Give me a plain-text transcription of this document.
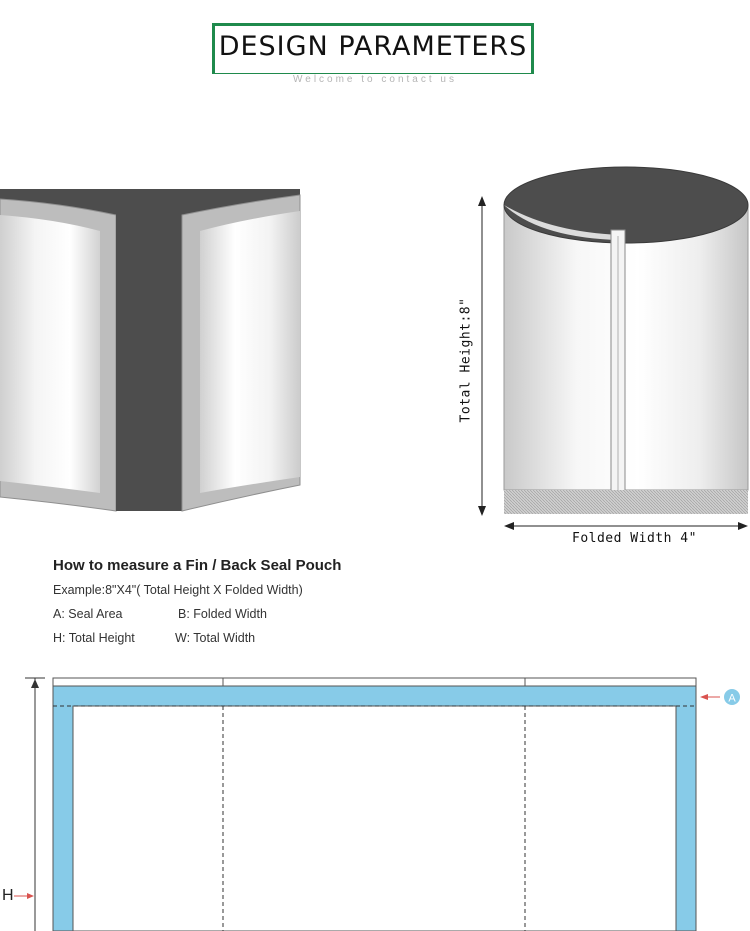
DESIGN PARAMETERS
Welcome to contact us
Total Height:8"
Folded Width 4"
How to measure a Fin / Back Seal Pouch
Example:8"X4"( Total Height X Folded Width)
A: Seal Area	B: Folded Width
H: Total Height	W: Total Width
A
H
